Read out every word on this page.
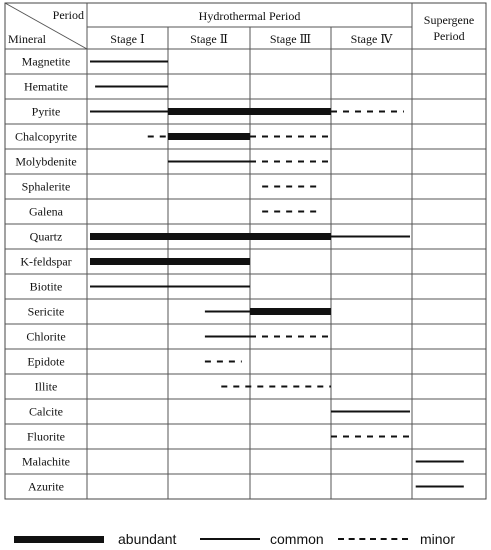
Period
Mineral
Hydrothermal Period	Supergene
Period
Stage Ⅰ	Stage Ⅱ	Stage Ⅲ	Stage Ⅳ
Magnetite
Hematite
Pyrite
Chalcopyrite
Molybdenite
Sphalerite
Galena
Quartz
K-feldspar
Biotite
Sericite
Chlorite
Epidote
Illite
Calcite
Fluorite
Malachite
Azurite
abundant	common	minor
